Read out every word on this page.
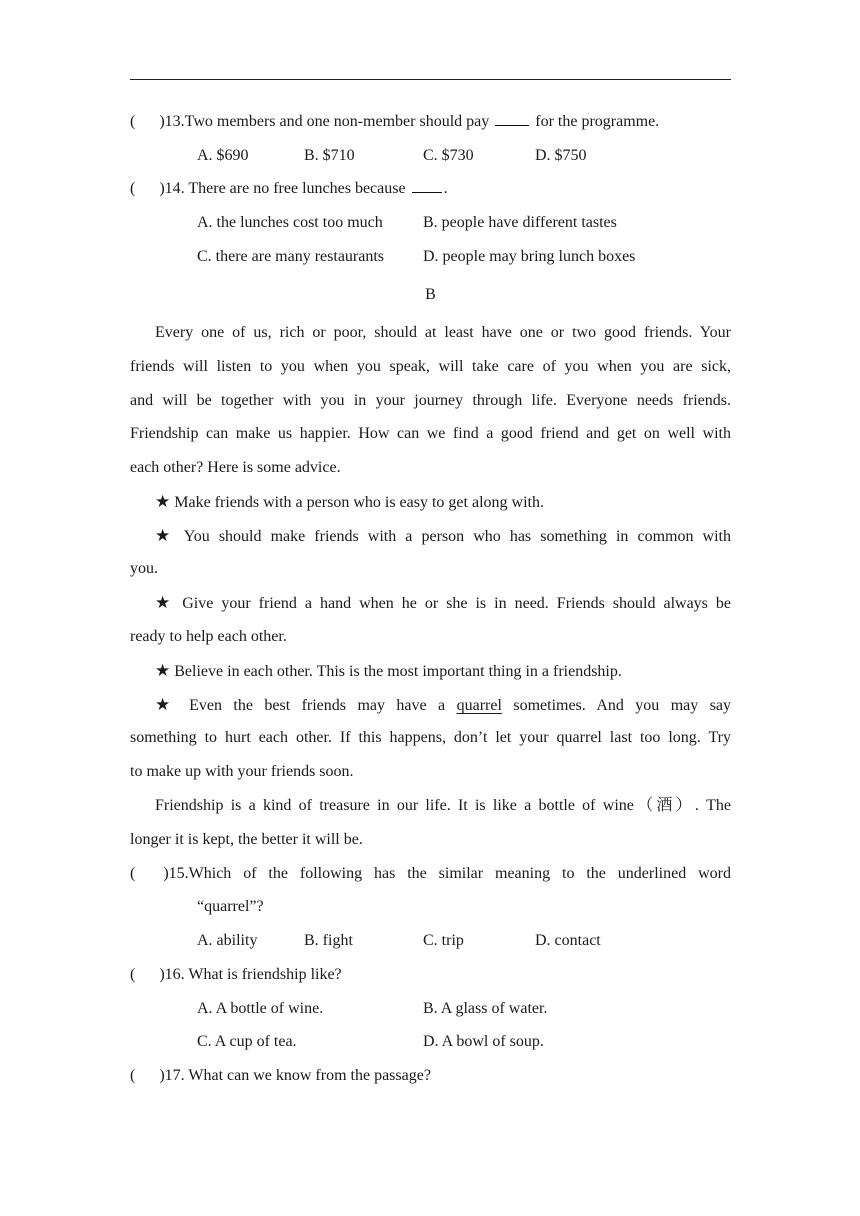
(      )13.Two members and one non-member should pay	for the programme.
A. $690	B. $710	C. $730	D. $750
(      )14. There are no free lunches because .
A. the lunches cost too much	B. people have different tastes
C. there are many restaurants D. people may bring lunch boxes
B
Every one of us, rich or poor, should at least have one or two good friends. Your
friends will listen to you when you speak, will take care of you when you are sick,
and will be together with you in your journey through life. Everyone needs friends.
Friendship can make us happier. How can we find a good friend and get on well with
each other? Here is some advice.
★ Make friends with a person who is easy to get along with.
★ You should make friends with a person who has something in common with
you.
★ Give your friend a hand when he or she is in need. Friends should always be
ready to help each other.
★ Believe in each other. This is the most important thing in a friendship.
★ Even the best friends may have a quarrel sometimes. And you may say
something to hurt each other. If this happens, don’t let your quarrel last too long. Try
to make up with your friends soon.
Friendship is a kind of treasure in our life. It is like a bottle of wine（酒）. The
longer it is kept, the better it will be.
(       )15.Which of the following has the similar meaning to the underlined word
“quarrel”?
A. ability	B. fight	C. trip	D. contact
(      )16. What is friendship like?
A. A bottle of wine.	B. A glass of water.
C. A cup of tea.	D. A bowl of soup.
(      )17. What can we know from the passage?
